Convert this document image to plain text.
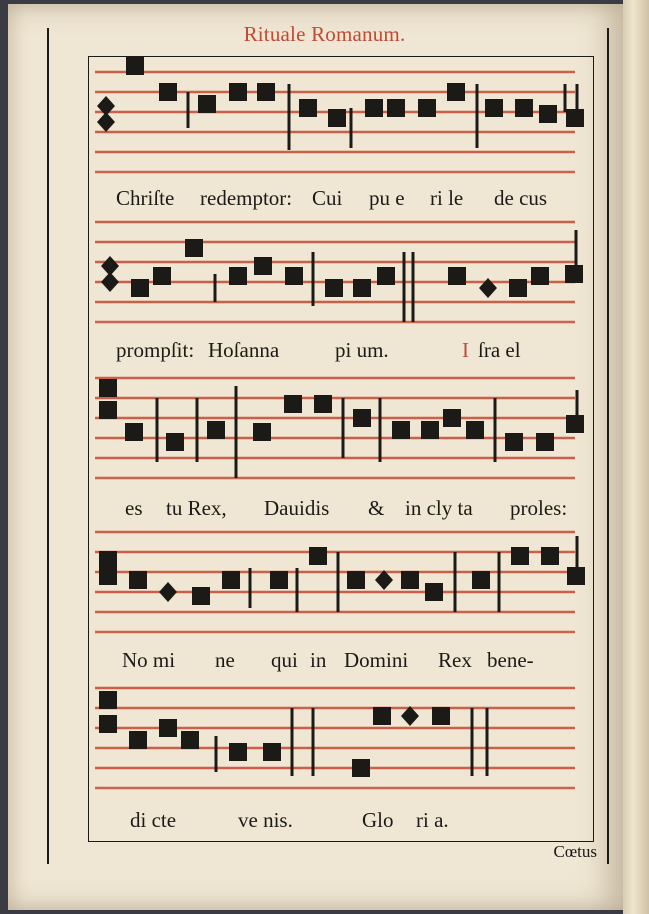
Rituale Romanum.
Chriſte redemptor: Cui pu e ri le de cus
prompſit: Hoſanna	pi um.	I ſra el
es tu Rex, Dauidis & in cly ta proles:
No mi ne qui in Domini Rex bene-
di cte	ve nis.	Glo ri a.
Cœtus
